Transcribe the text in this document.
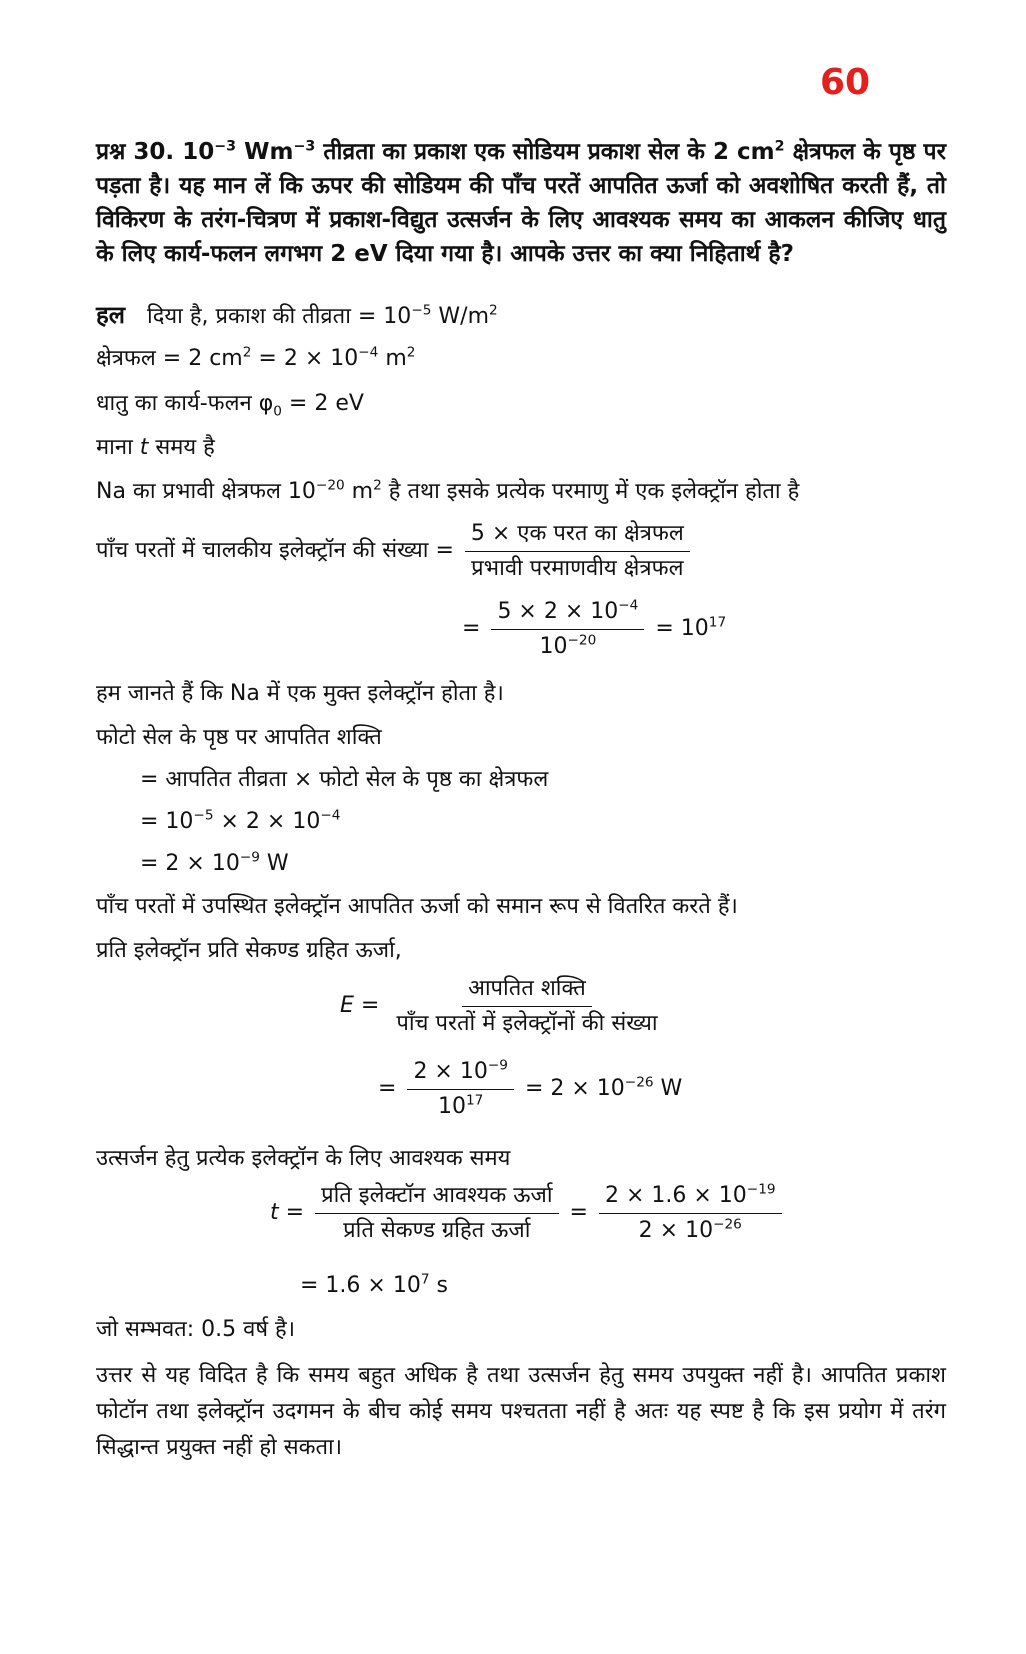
60
प्रश्न 30. $10^{-3}$ $Wm^{-3}$ तीव्रता का प्रकाश एक सोडियम प्रकाश सेल के 2 $cm^2$ क्षेत्रफल के पृष्ठ पर पड़ता है। यह मान लें कि ऊपर की सोडियम की पाँच परतें आपतित ऊर्जा को अवशोषित करती हैं, तो विकिरण के तरंग-चित्रण में प्रकाश-विद्युत उत्सर्जन के लिए आवश्यक समय का आकलन कीजिए धातु के लिए कार्य-फलन लगभग 2 eV दिया गया है। आपके उत्तर का क्या निहितार्थ है?
हल दिया है, प्रकाश की तीव्रता = $10^{-5}$ $W/m^2$
क्षेत्रफल = 2 $cm^2 = 2 \times 10^{-4}$ $m^2$
धातु का कार्य-फलन $\varphi_0 = 2$ eV
माना t समय है
Na का प्रभावी क्षेत्रफल $10^{-20}$ $m^2$ है तथा इसके प्रत्येक परमाणु में एक इलेक्ट्रॉन होता है
पाँच परतों में चालकीय इलेक्ट्रॉन की संख्या = $\frac{\text{5 × एक परत का क्षेत्रफल}}{\text{प्रभावी परमाणवीय क्षेत्रफल}}$
= $\frac{5 \times 2 \times 10^{-4}}{10^{-20}} = 10^{17}$
हम जानते हैं कि Na में एक मुक्त इलेक्ट्रॉन होता है।
फोटो सेल के पृष्ठ पर आपतित शक्ति
= आपतित तीव्रता × फोटो सेल के पृष्ठ का क्षेत्रफल
= $10^{-5} \times 2 \times 10^{-4}$
= $2 \times 10^{-9}$ W
पाँच परतों में उपस्थित इलेक्ट्रॉन आपतित ऊर्जा को समान रूप से वितरित करते हैं।
प्रति इलेक्ट्रॉन प्रति सेकण्ड ग्रहित ऊर्जा,
$E = \frac{\text{आपतित शक्ति}}{\text{पाँच परतों में इलेक्ट्रॉनों की संख्या}}$
= $\frac{2 \times 10^{-9}}{10^{17}} = 2 \times 10^{-26}$ W
उत्सर्जन हेतु प्रत्येक इलेक्ट्रॉन के लिए आवश्यक समय
$t = \frac{\text{प्रति इलेक्टॉन आवश्यक ऊर्जा}}{\text{प्रति सेकण्ड ग्रहित ऊर्जा}} = \frac{2 \times 1.6 \times 10^{-19}}{2 \times 10^{-26}}$
= $1.6 \times 10^7$ s
जो सम्भवत: 0.5 वर्ष है।
उत्तर से यह विदित है कि समय बहुत अधिक है तथा उत्सर्जन हेतु समय उपयुक्त नहीं है। आपतित प्रकाश फोटॉन तथा इलेक्ट्रॉन उदगमन के बीच कोई समय पश्चतता नहीं है अतः यह स्पष्ट है कि इस प्रयोग में तरंग सिद्धान्त प्रयुक्त नहीं हो सकता।
